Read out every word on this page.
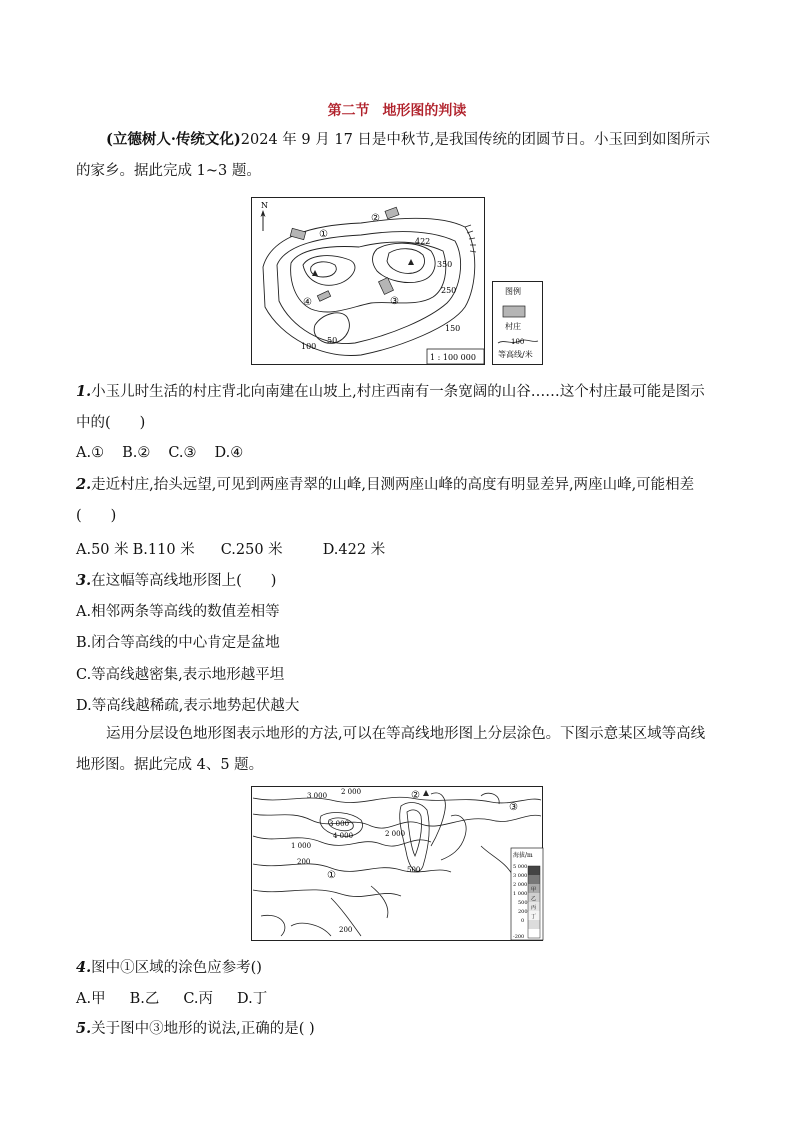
第二节 地形图的判读

(立德树人·传统文化)2024 年 9 月 17 日是中秋节,是我国传统的团圆节日。小玉回到如图所示的家乡。据此完成 1~3 题。

N
①
②
③
④
422
350
250
150
100
50
1 : 100 000
图例
村庄
100
等高线/米

1.小玉儿时生活的村庄背北向南建在山坡上,村庄西南有一条宽阔的山谷……这个村庄最可能是图示中的(　　)

A.① B.② C.③ D.④

2.走近村庄,抬头远望,可见到两座青翠的山峰,目测两座山峰的高度有明显差异,两座山峰,可能相差(　　)

A.50 米 B.110 米 C.250 米	D.422 米
3.在这幅等高线地形图上(　　)
A.相邻两条等高线的数值差相等
B.闭合等高线的中心肯定是盆地
C.等高线越密集,表示地形越平坦
D.等高线越稀疏,表示地势起伏越大

运用分层设色地形图表示地形的方法,可以在等高线地形图上分层涂色。下图示意某区域等高线地形图。据此完成 4、5 题。

3 000 2 000
3 000
4 000
1 000
2 000
500
200
200
①
②
③
海拔/m
5 000
3 000
2 000
1 000
500
200
0
-200
甲
乙
丙
丁
4.图中①区域的涂色应参考()
A.甲 B.乙 C.丙 D.丁
5.关于图中③地形的说法,正确的是( )
